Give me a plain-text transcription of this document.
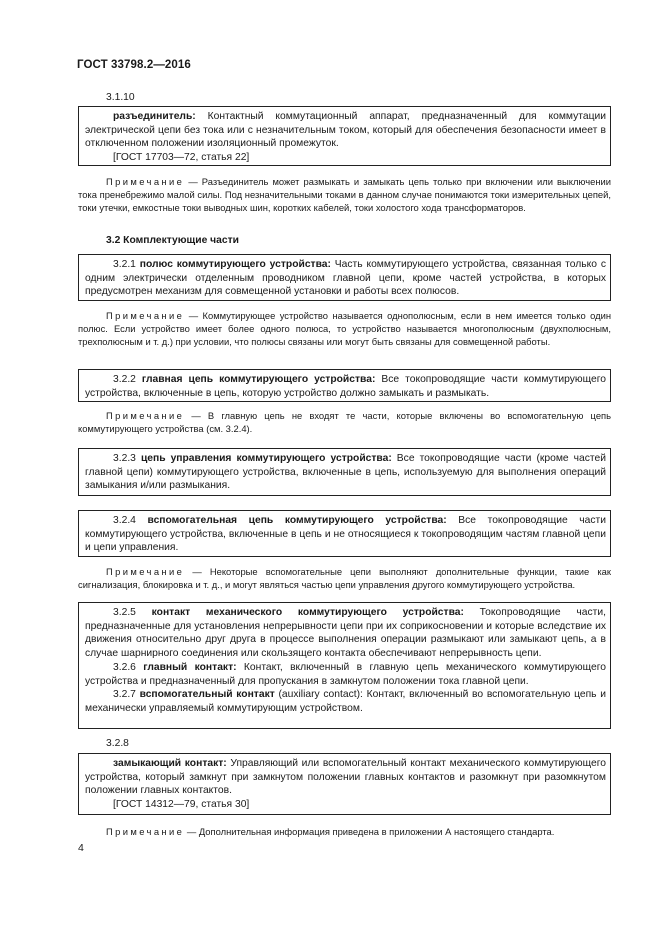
ГОСТ 33798.2—2016
3.1.10

разъединитель: Контактный коммутационный аппарат, предназначенный для коммутации электрической цепи без тока или с незначительным током, который для обеспечения безопасности имеет в отключенном положении изоляционный промежуток.

[ГОСТ 17703—72, статья 22]

Примечание — Разъединитель может размыкать и замыкать цепь только при включении или выключении тока пренебрежимо малой силы. Под незначительными токами в данном случае понимаются токи измерительных цепей, токи утечки, емкостные токи выводных шин, коротких кабелей, токи холостого хода трансформаторов.
3.2 Комплектующие части

3.2.1 полюс коммутирующего устройства: Часть коммутирующего устройства, связанная только с одним электрически отделенным проводником главной цепи, кроме частей устройства, в которых предусмотрен механизм для совмещенной установки и работы всех полюсов.

Примечание — Коммутирующее устройство называется однополюсным, если в нем имеется только один полюс. Если устройство имеет более одного полюса, то устройство называется многополюсным (двухполюсным, трехполюсным и т. д.) при условии, что полюсы связаны или могут быть связаны для совмещенной работы.

3.2.2 главная цепь коммутирующего устройства: Все токопроводящие части коммутирующего устройства, включенные в цепь, которую устройство должно замыкать и размыкать.

Примечание — В главную цепь не входят те части, которые включены во вспомогательную цепь коммутирующего устройства (см. 3.2.4).

3.2.3 цепь управления коммутирующего устройства: Все токопроводящие части (кроме частей главной цепи) коммутирующего устройства, включенные в цепь, используемую для выполнения операций замыкания и/или размыкания.

3.2.4 вспомогательная цепь коммутирующего устройства: Все токопроводящие части коммутирующего устройства, включенные в цепь и не относящиеся к токопроводящим частям главной цепи и цепи управления.

Примечание — Некоторые вспомогательные цепи выполняют дополнительные функции, такие как сигнализация, блокировка и т. д., и могут являться частью цепи управления другого коммутирующего устройства.

3.2.5 контакт механического коммутирующего устройства: Токопроводящие части, предназначенные для установления непрерывности цепи при их соприкосновении и которые вследствие их движения относительно друг друга в процессе выполнения операции размыкают или замыкают цепь, а в случае шарнирного соединения или скользящего контакта обеспечивают непрерывность цепи.

3.2.6 главный контакт: Контакт, включенный в главную цепь механического коммутирующего устройства и предназначенный для пропускания в замкнутом положении тока главной цепи.

3.2.7 вспомогательный контакт (auxiliary contact): Контакт, включенный во вспомогательную цепь и механически управляемый коммутирующим устройством.

3.2.8

замыкающий контакт: Управляющий или вспомогательный контакт механического коммутирующего устройства, который замкнут при замкнутом положении главных контактов и разомкнут при разомкнутом положении главных контактов.

[ГОСТ 14312—79, статья 30]

Примечание — Дополнительная информация приведена в приложении А настоящего стандарта.
4
